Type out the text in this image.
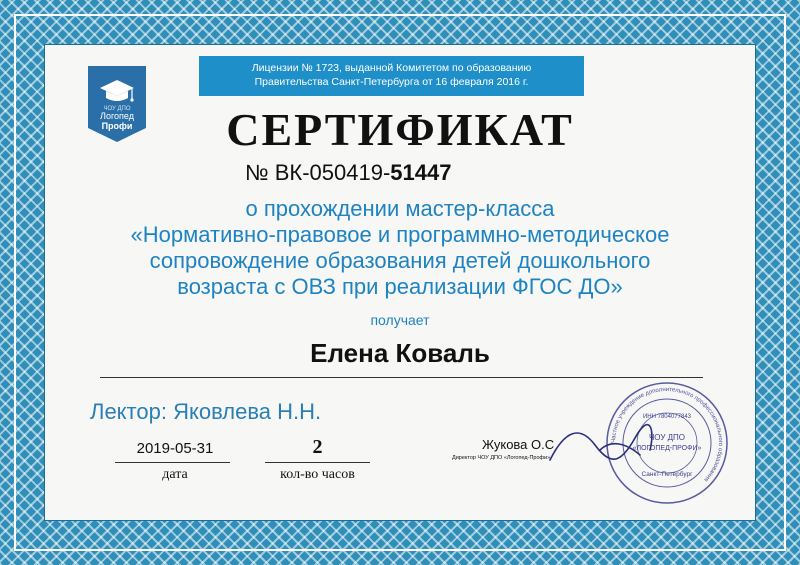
Лицензии № 1723, выданной Комитетом по образованию
Правительства Санкт-Петербурга от 16 февраля 2016 г.
ЧОУ ДПО
Логопед
Профи	СЕРТИФИКАТ
№ ВК-050419-51447
о прохождении мастер-класса
«Нормативно-правовое и программно-методическое
сопровождение образования детей дошкольного
возраста с ОВЗ при реализации ФГОС ДО»
получает
Елена Коваль
Лектор: Яковлева Н.Н.
2019-05-31
дата
2
кол-во часов
Жукова О.С
Директор ЧОУ ДПО «Логопед-Профи»
Частное учреждение дополнительного профессионального образования
ИНН 7804077843
ЧОУ ДПО
«ЛОГОПЕД-ПРОФИ»
Санкт-Петербург
